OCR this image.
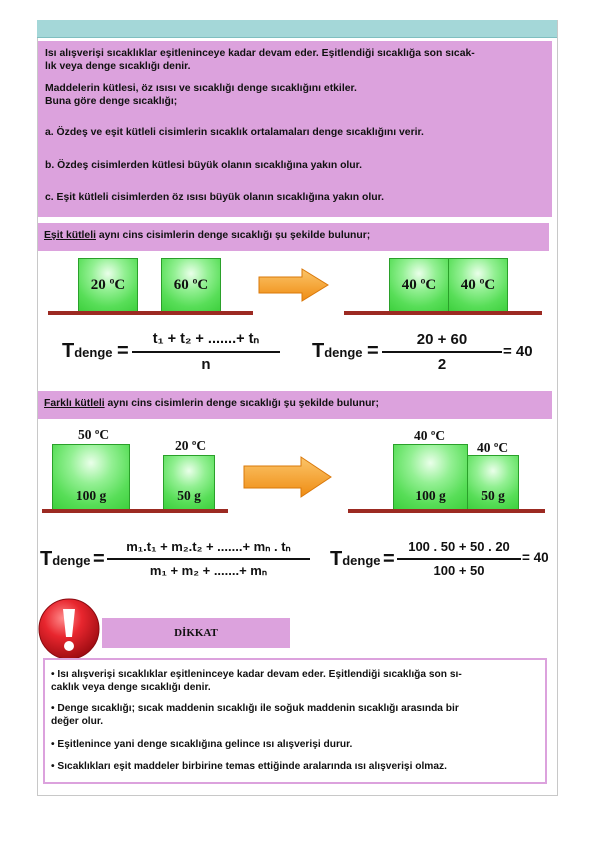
Isı alışverişi sıcaklıklar eşitleninceye kadar devam eder. Eşitlendiği sıcaklığa son sıcak-

lık veya denge sıcaklığı denir.

Maddelerin kütlesi, öz ısısı ve sıcaklığı denge sıcaklığını etkiler.

Buna göre denge sıcaklığı;

a. Özdeş ve eşit kütleli cisimlerin sıcaklık ortalamaları denge sıcaklığını verir.

b. Özdeş cisimlerden kütlesi büyük olanın sıcaklığına yakın olur.

c. Eşit kütleli cisimlerden öz ısısı büyük olanın sıcaklığına yakın olur.

Eşit kütleli aynı cins cisimlerin denge sıcaklığı şu şekilde bulunur;
20 ºC	60 ºC	40 ºC	40 ºC
Tdenge =
t₁ + t₂ + .......+ tₙ
n
Tdenge =
20 + 60
2
= 40
Farklı kütleli aynı cins cisimlerin denge sıcaklığı şu şekilde bulunur;
50 ºC
100 g
20 ºC
50 g
40 ºC
100 g
40 ºC
50 g
Tdenge =
m₁.t₁ + m₂.t₂ + .......+ mₙ . tₙ
m₁ + m₂ + .......+ mₙ
Tdenge =
100 . 50 + 50 . 20
100 + 50
= 40
DİKKAT

• Isı alışverişi sıcaklıklar eşitleninceye kadar devam eder. Eşitlendiği sıcaklığa son sı-

caklık veya denge sıcaklığı denir.

• Denge sıcaklığı; sıcak maddenin sıcaklığı ile soğuk maddenin sıcaklığı arasında bir

değer olur.

• Eşitlenince yani denge sıcaklığına gelince ısı alışverişi durur.

• Sıcaklıkları eşit maddeler birbirine temas ettiğinde aralarında ısı alışverişi olmaz.
